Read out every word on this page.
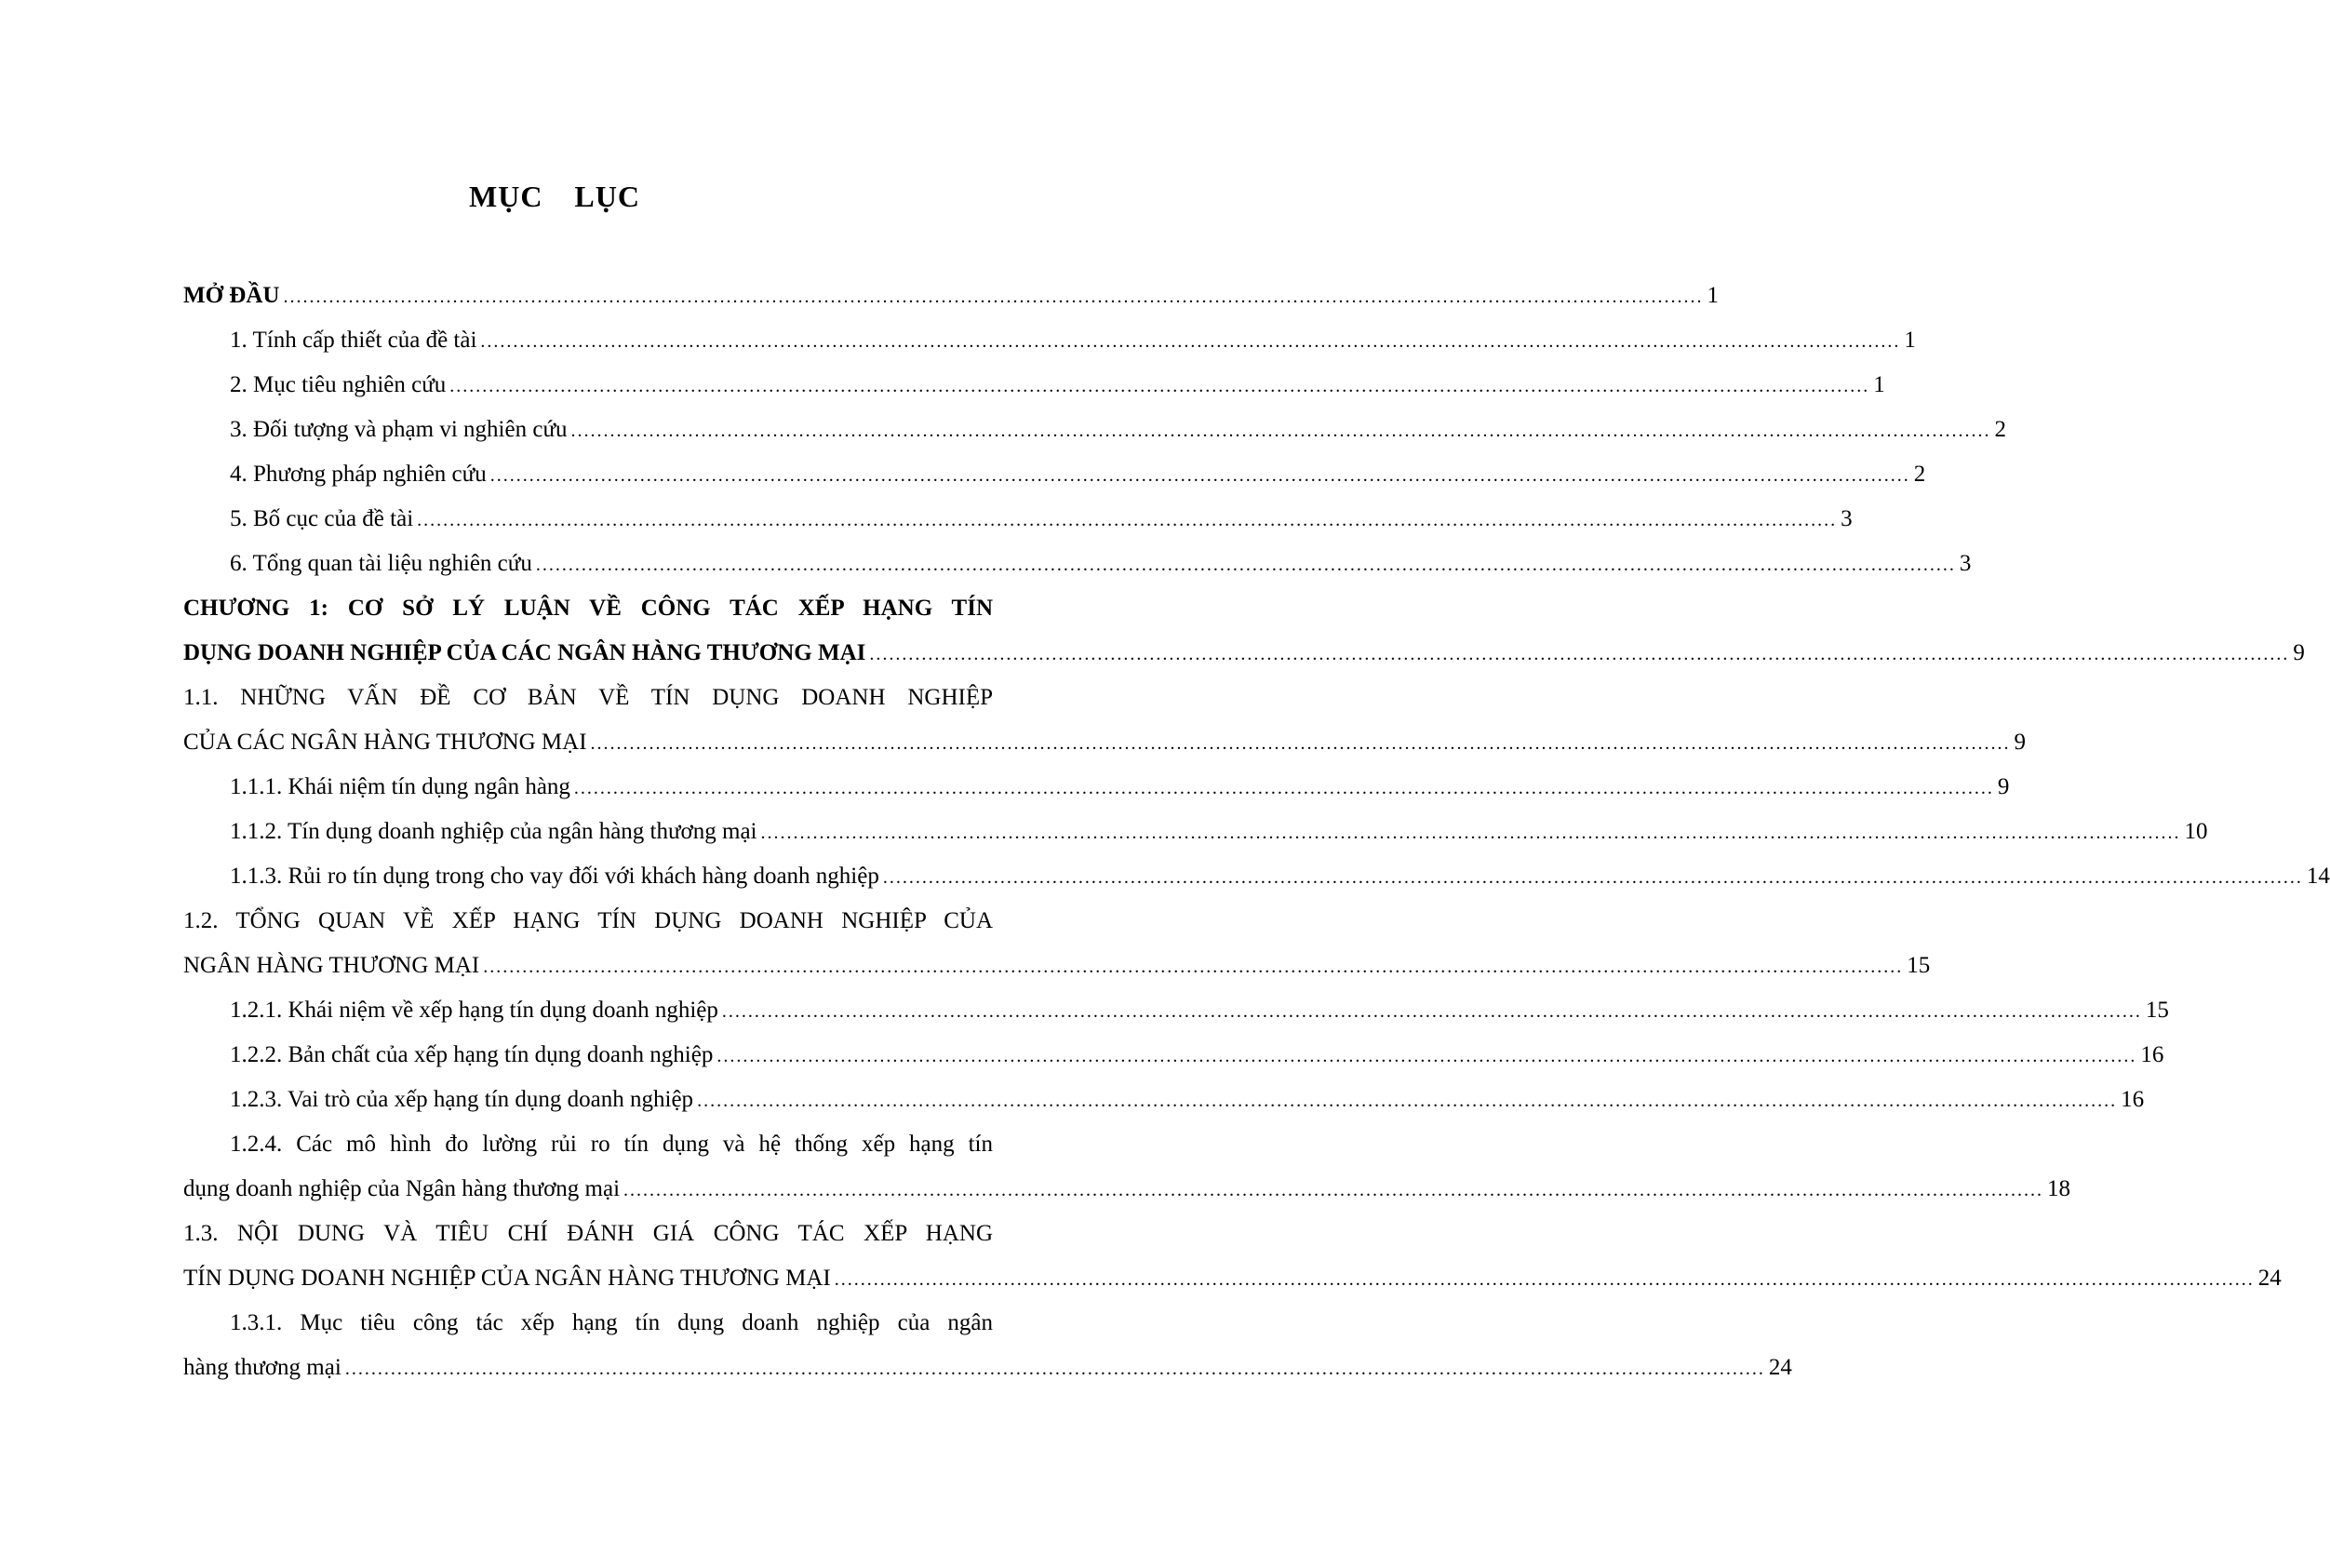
MỤC  LỤC
MỞ ĐẦU .......................................................................................................................................................................................................................... 1
1. Tính cấp thiết của đề tài .......................................................................................................................................................................................................................... 1
2. Mục tiêu nghiên cứu .......................................................................................................................................................................................................................... 1
3. Đối tượng và phạm vi nghiên cứu .......................................................................................................................................................................................................................... 2
4. Phương pháp nghiên cứu .......................................................................................................................................................................................................................... 2
5. Bố cục của đề tài .......................................................................................................................................................................................................................... 3
6. Tổng quan tài liệu nghiên cứu .......................................................................................................................................................................................................................... 3
CHƯƠNG 1: CƠ SỞ LÝ LUẬN VỀ CÔNG TÁC XẾP HẠNG TÍN
DỤNG DOANH NGHIỆP CỦA CÁC NGÂN HÀNG THƯƠNG MẠI .......................................................................................................................................................................................................................... 9
1.1. NHỮNG VẤN ĐỀ CƠ BẢN VỀ TÍN DỤNG DOANH NGHIỆP
CỦA CÁC NGÂN HÀNG THƯƠNG MẠI .......................................................................................................................................................................................................................... 9
1.1.1. Khái niệm tín dụng ngân hàng .......................................................................................................................................................................................................................... 9
1.1.2. Tín dụng doanh nghiệp của ngân hàng thương mại .......................................................................................................................................................................................................................... 10
1.1.3. Rủi ro tín dụng trong cho vay đối với khách hàng doanh nghiệp .......................................................................................................................................................................................................................... 14
1.2. TỔNG QUAN VỀ XẾP HẠNG TÍN DỤNG DOANH NGHIỆP CỦA
NGÂN HÀNG THƯƠNG MẠI .......................................................................................................................................................................................................................... 15
1.2.1. Khái niệm về xếp hạng tín dụng doanh nghiệp .......................................................................................................................................................................................................................... 15
1.2.2. Bản chất của xếp hạng tín dụng doanh nghiệp .......................................................................................................................................................................................................................... 16
1.2.3. Vai trò của xếp hạng tín dụng doanh nghiệp .......................................................................................................................................................................................................................... 16
1.2.4. Các mô hình đo lường rủi ro tín dụng và hệ thống xếp hạng tín
dụng doanh nghiệp của Ngân hàng thương mại .......................................................................................................................................................................................................................... 18
1.3. NỘI DUNG VÀ TIÊU CHÍ ĐÁNH GIÁ CÔNG TÁC XẾP HẠNG
TÍN DỤNG DOANH NGHIỆP CỦA NGÂN HÀNG THƯƠNG MẠI .......................................................................................................................................................................................................................... 24
1.3.1. Mục tiêu công tác xếp hạng tín dụng doanh nghiệp của ngân
hàng thương mại .......................................................................................................................................................................................................................... 24
